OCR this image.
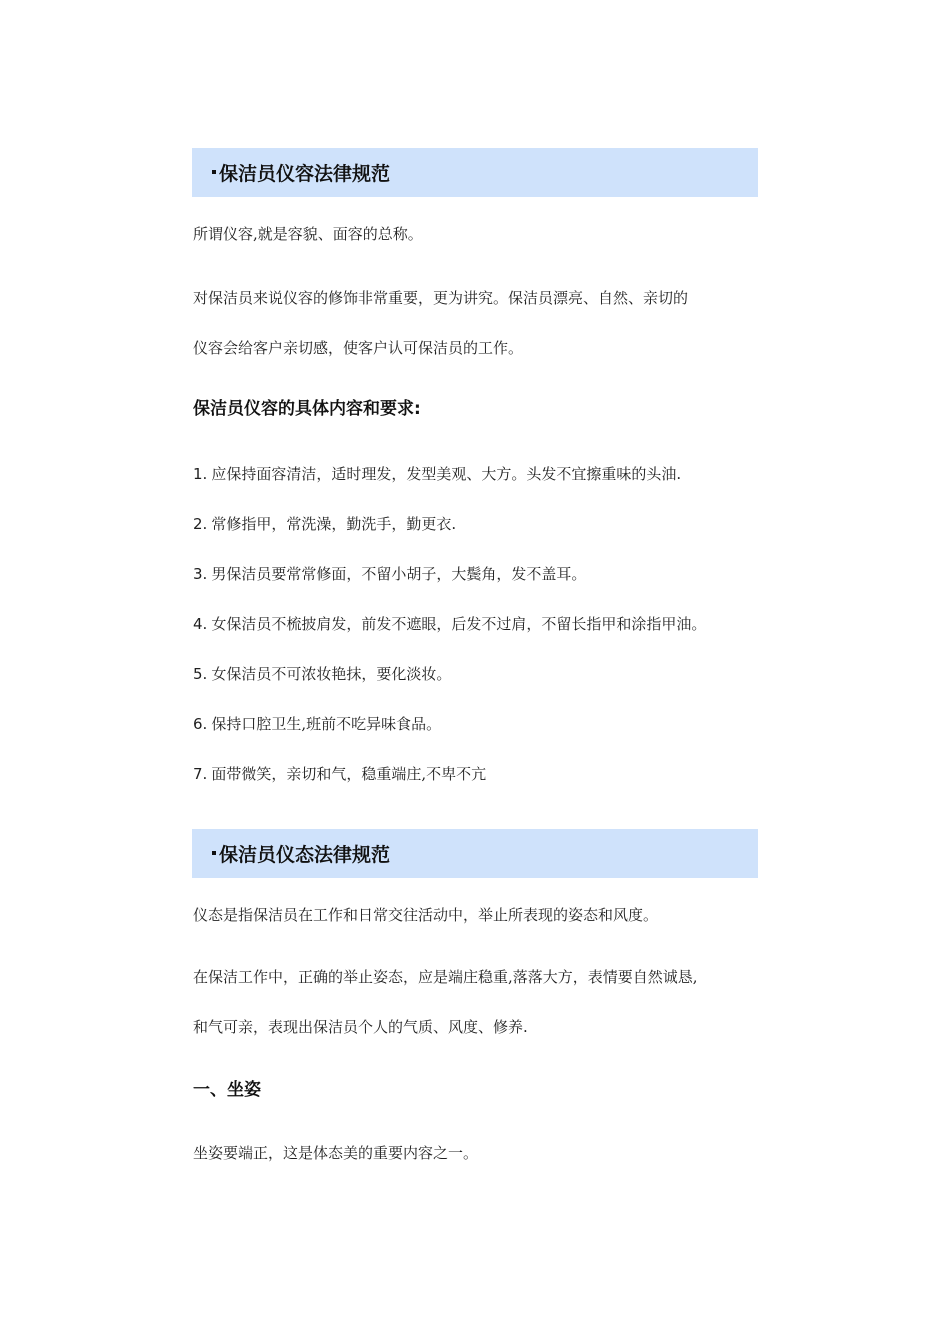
保洁员仪容法律规范
所谓仪容,就是容貌、面容的总称。
对保洁员来说仪容的修饰非常重要，更为讲究。保洁员漂亮、自然、亲切的
仪容会给客户亲切感，使客户认可保洁员的工作。
保洁员仪容的具体内容和要求:
1. 应保持面容清洁，适时理发，发型美观、大方。头发不宜擦重味的头油.
2. 常修指甲，常洗澡，勤洗手，勤更衣.
3. 男保洁员要常常修面，不留小胡子，大鬓角，发不盖耳。
4. 女保洁员不梳披肩发，前发不遮眼，后发不过肩，不留长指甲和涂指甲油。
5. 女保洁员不可浓妆艳抹，要化淡妆。
6. 保持口腔卫生,班前不吃异味食品。
7. 面带微笑，亲切和气，稳重端庄,不卑不亢
保洁员仪态法律规范
仪态是指保洁员在工作和日常交往活动中，举止所表现的姿态和风度。
在保洁工作中，正确的举止姿态，应是端庄稳重,落落大方，表情要自然诚恳,
和气可亲，表现出保洁员个人的气质、风度、修养.
一、坐姿
坐姿要端正，这是体态美的重要内容之一。
